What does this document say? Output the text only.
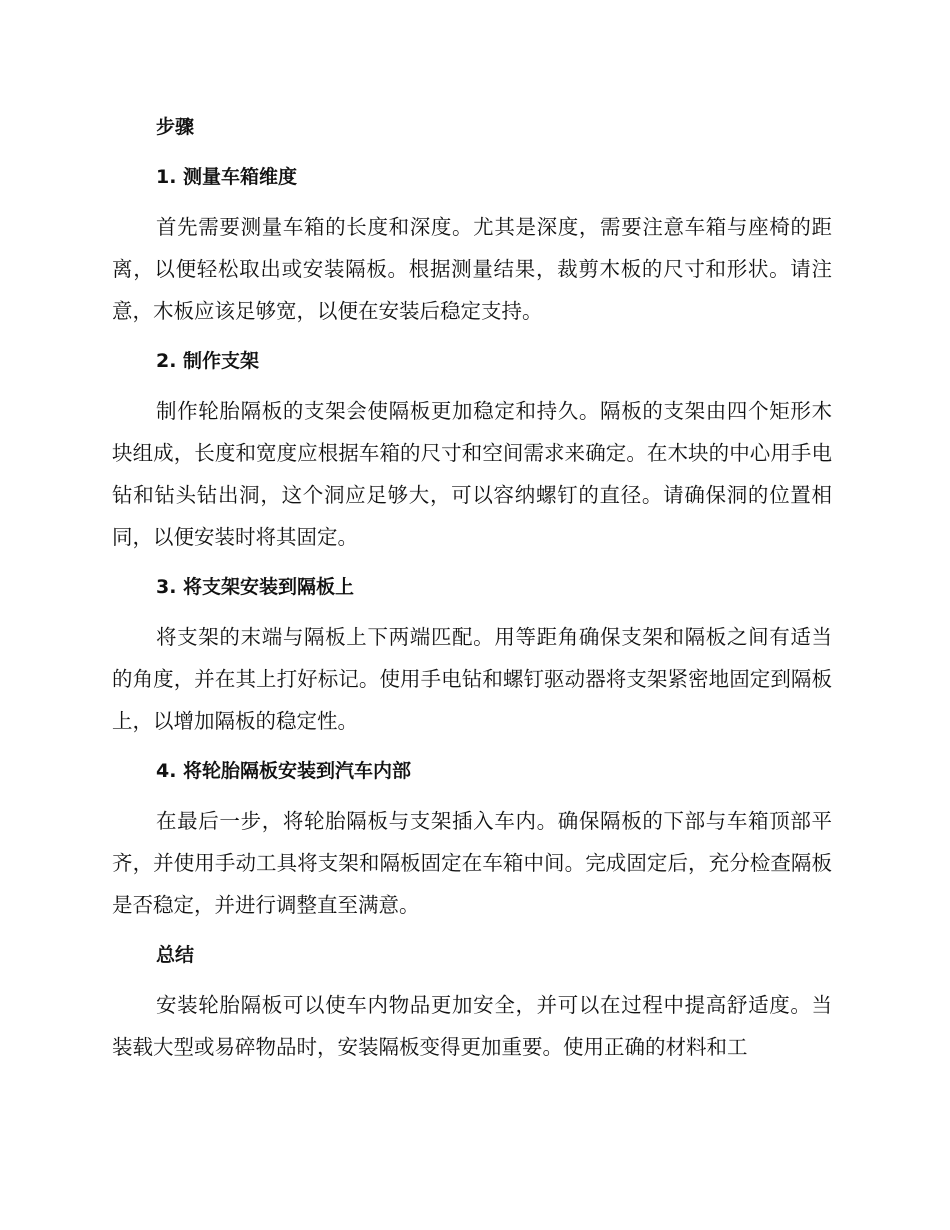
步骤
1. 测量车箱维度

首先需要测量车箱的长度和深度。尤其是深度，需要注意车箱与座椅的距离，以便轻松取出或安装隔板。根据测量结果，裁剪木板的尺寸和形状。请注意，木板应该足够宽，以便在安装后稳定支持。

2. 制作支架

制作轮胎隔板的支架会使隔板更加稳定和持久。隔板的支架由四个矩形木块组成，长度和宽度应根据车箱的尺寸和空间需求来确定。在木块的中心用手电钻和钻头钻出洞，这个洞应足够大，可以容纳螺钉的直径。请确保洞的位置相同，以便安装时将其固定。

3. 将支架安装到隔板上

将支架的末端与隔板上下两端匹配。用等距角确保支架和隔板之间有适当的角度，并在其上打好标记。使用手电钻和螺钉驱动器将支架紧密地固定到隔板上，以增加隔板的稳定性。

4. 将轮胎隔板安装到汽车内部

在最后一步，将轮胎隔板与支架插入车内。确保隔板的下部与车箱顶部平齐，并使用手动工具将支架和隔板固定在车箱中间。完成固定后，充分检查隔板是否稳定，并进行调整直至满意。

总结

安装轮胎隔板可以使车内物品更加安全，并可以在过程中提高舒适度。当装载大型或易碎物品时，安装隔板变得更加重要。使用正确的材料和工
